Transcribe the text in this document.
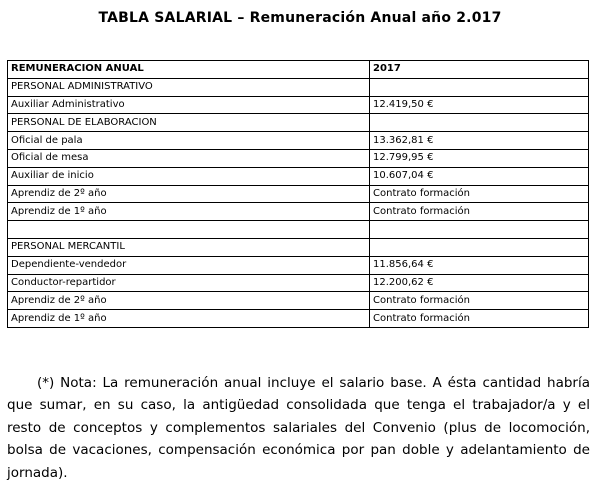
TABLA SALARIAL – Remuneración Anual año 2.017
REMUNERACION ANUAL	2017
PERSONAL ADMINISTRATIVO	
Auxiliar Administrativo	12.419,50 €
PERSONAL DE ELABORACION	
Oficial de pala	13.362,81 €
Oficial de mesa	12.799,95 €
Auxiliar de inicio	10.607,04 €
Aprendiz de 2º año	Contrato formación
Aprendiz de 1º año	Contrato formación

PERSONAL MERCANTIL	
Dependiente-vendedor	11.856,64 €
Conductor-repartidor	12.200,62 €
Aprendiz de 2º año	Contrato formación
Aprendiz de 1º año	Contrato formación

(*) Nota: La remuneración anual incluye el salario base. A ésta cantidad habría que sumar, en su caso, la antigüedad consolidada que tenga el trabajador/a y el resto de conceptos y complementos salariales del Convenio (plus de locomoción, bolsa de vacaciones, compensación económica por pan doble y adelantamiento de jornada).
